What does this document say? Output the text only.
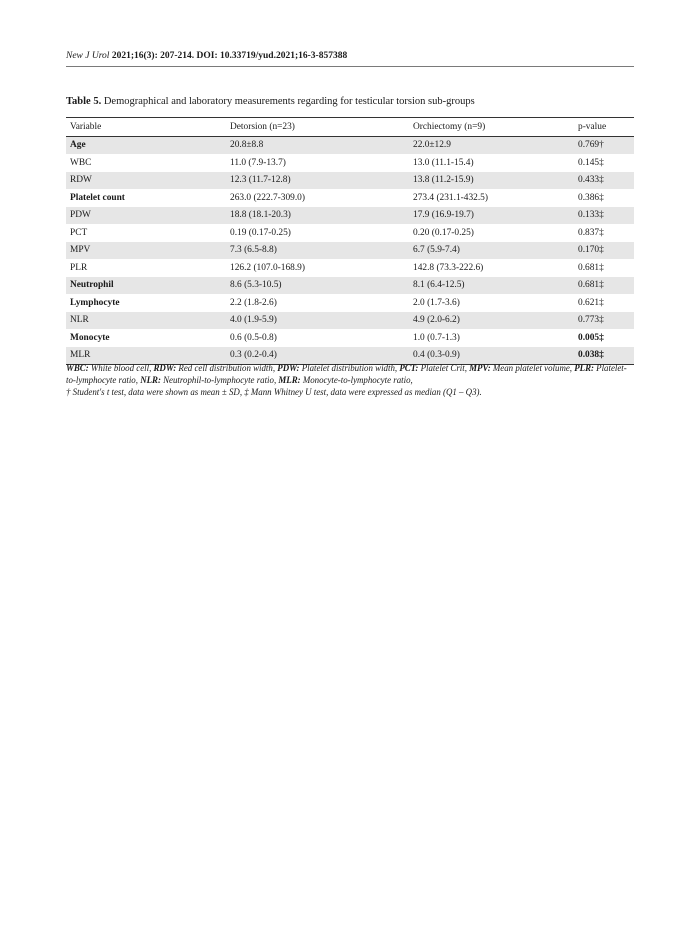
New J Urol 2021;16(3): 207-214. DOI: 10.33719/yud.2021;16-3-857388
Table 5. Demographical and laboratory measurements regarding for testicular torsion sub-groups
Variable	Detorsion (n=23)	Orchiectomy (n=9)	p-value
Age	20.8±8.8	22.0±12.9	0.769†
WBC	11.0 (7.9-13.7)	13.0 (11.1-15.4)	0.145‡
RDW	12.3 (11.7-12.8)	13.8 (11.2-15.9)	0.433‡
Platelet count	263.0 (222.7-309.0)	273.4 (231.1-432.5)	0.386‡
PDW	18.8 (18.1-20.3)	17.9 (16.9-19.7)	0.133‡
PCT	0.19 (0.17-0.25)	0.20 (0.17-0.25)	0.837‡
MPV	7.3 (6.5-8.8)	6.7 (5.9-7.4)	0.170‡
PLR	126.2 (107.0-168.9)	142.8 (73.3-222.6)	0.681‡
Neutrophil	8.6 (5.3-10.5)	8.1 (6.4-12.5)	0.681‡
Lymphocyte	2.2 (1.8-2.6)	2.0 (1.7-3.6)	0.621‡
NLR	4.0 (1.9-5.9)	4.9 (2.0-6.2)	0.773‡
Monocyte	0.6 (0.5-0.8)	1.0 (0.7-1.3)	0.005‡
MLR	0.3 (0.2-0.4)	0.4 (0.3-0.9)	0.038‡

WBC: White blood cell, RDW: Red cell distribution width, PDW: Platelet distribution width, PCT: Platelet Crit, MPV: Mean platelet volume, PLR: Platelet-to-lymphocyte ratio, NLR: Neutrophil-to-lymphocyte ratio, MLR: Monocyte-to-lymphocyte ratio,

† Student's t test, data were shown as mean ± SD, ‡ Mann Whitney U test, data were expressed as median (Q1 – Q3).
